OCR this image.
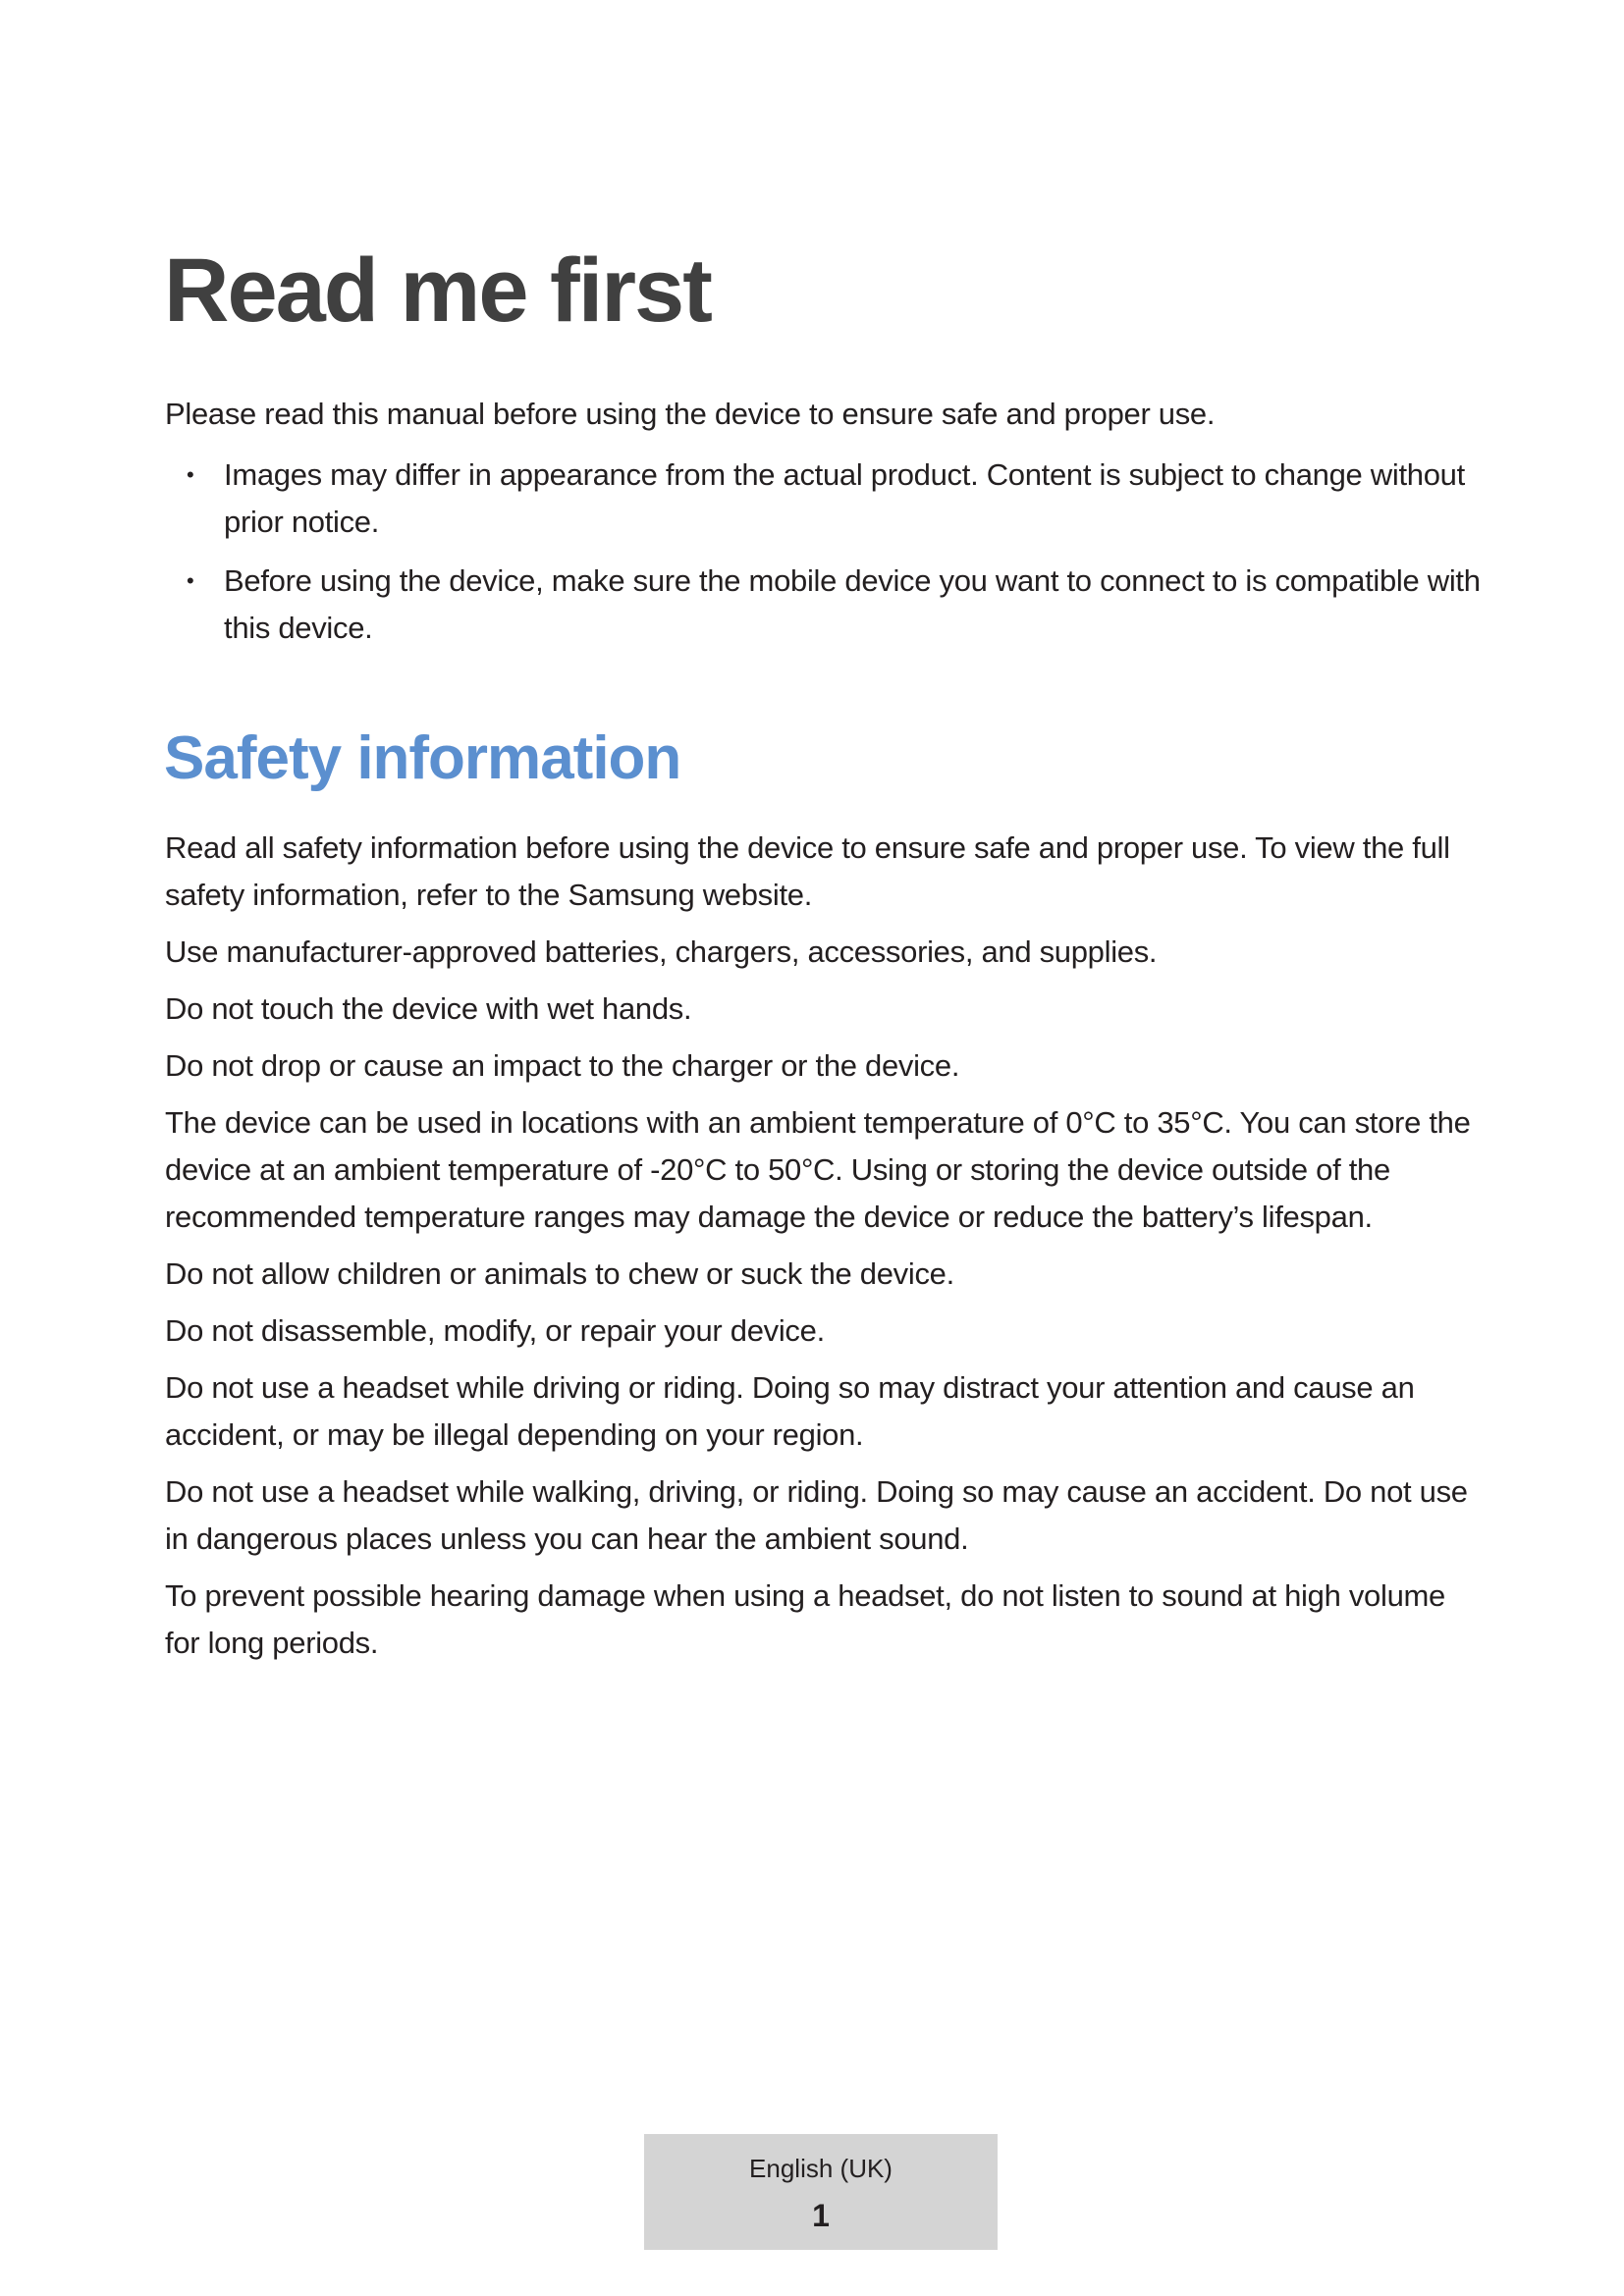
Read me first

Please read this manual before using the device to ensure safe and proper use.

• Images may differ in appearance from the actual product. Content is subject to change without prior notice.
• Before using the device, make sure the mobile device you want to connect to is compatible with this device.
Safety information

Read all safety information before using the device to ensure safe and proper use. To view the full safety information, refer to the Samsung website.

Use manufacturer-approved batteries, chargers, accessories, and supplies.

Do not touch the device with wet hands.

Do not drop or cause an impact to the charger or the device.

The device can be used in locations with an ambient temperature of 0°C to 35°C. You can store the device at an ambient temperature of -20°C to 50°C. Using or storing the device outside of the recommended temperature ranges may damage the device or reduce the battery’s lifespan.

Do not allow children or animals to chew or suck the device.

Do not disassemble, modify, or repair your device.

Do not use a headset while driving or riding. Doing so may distract your attention and cause an accident, or may be illegal depending on your region.

Do not use a headset while walking, driving, or riding. Doing so may cause an accident. Do not use in dangerous places unless you can hear the ambient sound.

To prevent possible hearing damage when using a headset, do not listen to sound at high volume for long periods.

English (UK)
1
